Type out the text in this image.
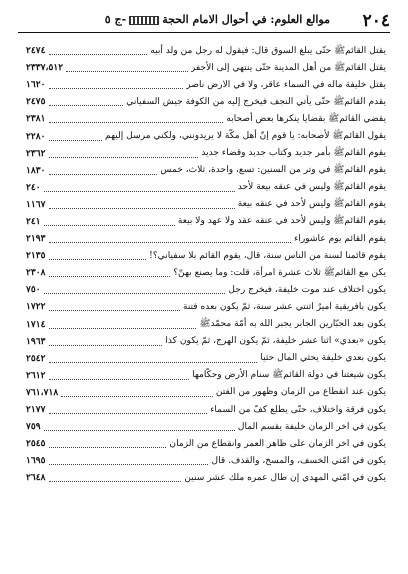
٢٠٤
موالع العلوم: في أحوال الامام الحجة-ج ٥
يقتل القائمﷺ حتّى يبلغ السوق قال: فيقول له رجل من ولد أبيه
٢٤٧٤
يقتل القائمﷺ من أهل المدينة حتّى ينتهي إلى الأجفر
٢٣٣٧،٥١٢
يقتل خليفة ماله في السماء عاقر، ولا في الأرض ناصر
١٦٢٠
يقدم القائمﷺ حتّى يأتي النجف فيخرج إليه من الكوفة جيش السفياني
٢٤٧٥
يقضي القائمﷺ بقضايا ينكرها بعض أصحابه
٢٣٨١
يقول القائمﷺ لأصحابه: يا قوم إنّ أهل مكّة لا يريدونني، ولكني مرسل إليهم
٢٢٨٠
يقوم القائمﷺ بأمر جديد وكتاب جديد وقضاء جديد
٢٣٦٢
يقوم القائمﷺ في وتر من السنين: تسع، واحدة، ثلاث، خمس
١٨٣٠
يقوم القائمﷺ وليس في عنقه بيعة لأحد
٢٤٠
يقوم القائمﷺ وليس لأحد في عنقه بيعة
١١٦٧
يقوم القائمﷺ وليس لأحد في عنقه عقد ولا عهد ولا بيعة
٢٤١
يقوم القائم يوم عاشوراء
٢١٩٣
يقوم قائمنا لسنة من الناس سنة، قال، يقوم القائم بلا سفياني؟!
٢١٣٥
يكن مع القائمﷺ ثلاث عشرة امرأة، قلت: وما يصنع بهنّ؟
٢٣٠٨
يكون اختلاف عند موت خليفة، فيخرج رجل
٧٥٠
يكون بأفريقية أميرٌ اثنتي عشر سنة، ثمّ يكون بعده فتنة
١٧٢٢
يكون بعد الجبّارين الجابر يجبر الله به أمّة محمّدﷺ
١٧١٤
يكون «بعدي» اثنا عشر خليفة، ثمّ يكون الهرج، ثمّ يكون كذا
١٩٦٣
يكون بعدي خليفة يحثي المال حثياً
٢٥٤٢
يكون شيعتنا في دولة القائمﷺ سنام الأرض وحكّامها
٢٦١٢
يكون عند انقطاع من الزمان وظهور من الفتن
٧٦١،٧١٨
يكون فرقة واختلاف، حتّى يطلع كفّ من السماء
٢١٧٧
يكون في آخر الزمان خليفة يقسم المال
٧٥٩
يكون في آخر الزمان على ظاهر العمر وانقطاع من الزمان
٢٥٤٥
يكون في أمّتي الخسف، والمسخ، والقذف. قال
١٦٩٥
يكون في أمّتي المهدي إن طال عمره ملك عشر سنين
٢٦٤٨
